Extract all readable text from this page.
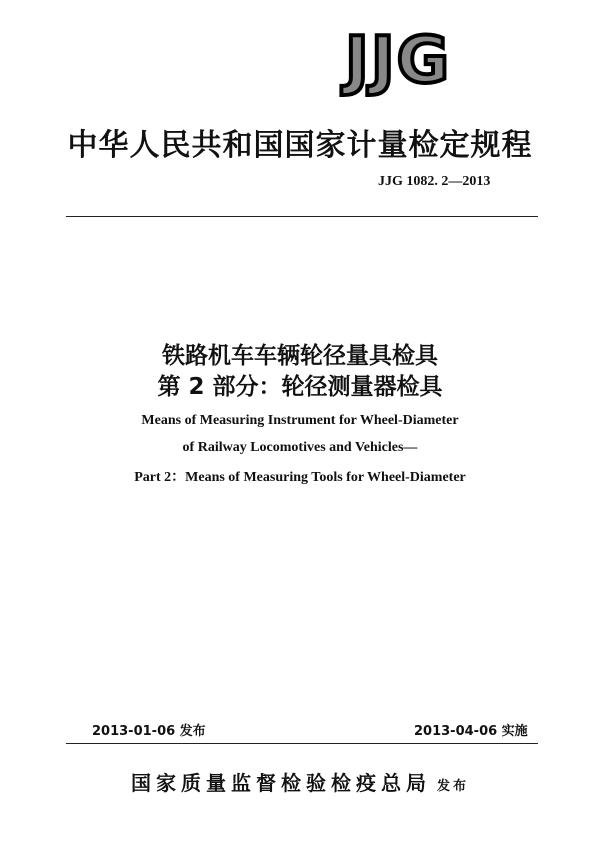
JJG
中华人民共和国国家计量检定规程
JJG 1082. 2—2013
铁路机车车辆轮径量具检具
第 2 部分：轮径测量器检具
Means of Measuring Instrument for Wheel-Diameter
of Railway Locomotives and Vehicles—
Part 2：Means of Measuring Tools for Wheel-Diameter
2013-01-06 发布	2013-04-06 实施
国家质量监督检验检疫总局 发布
